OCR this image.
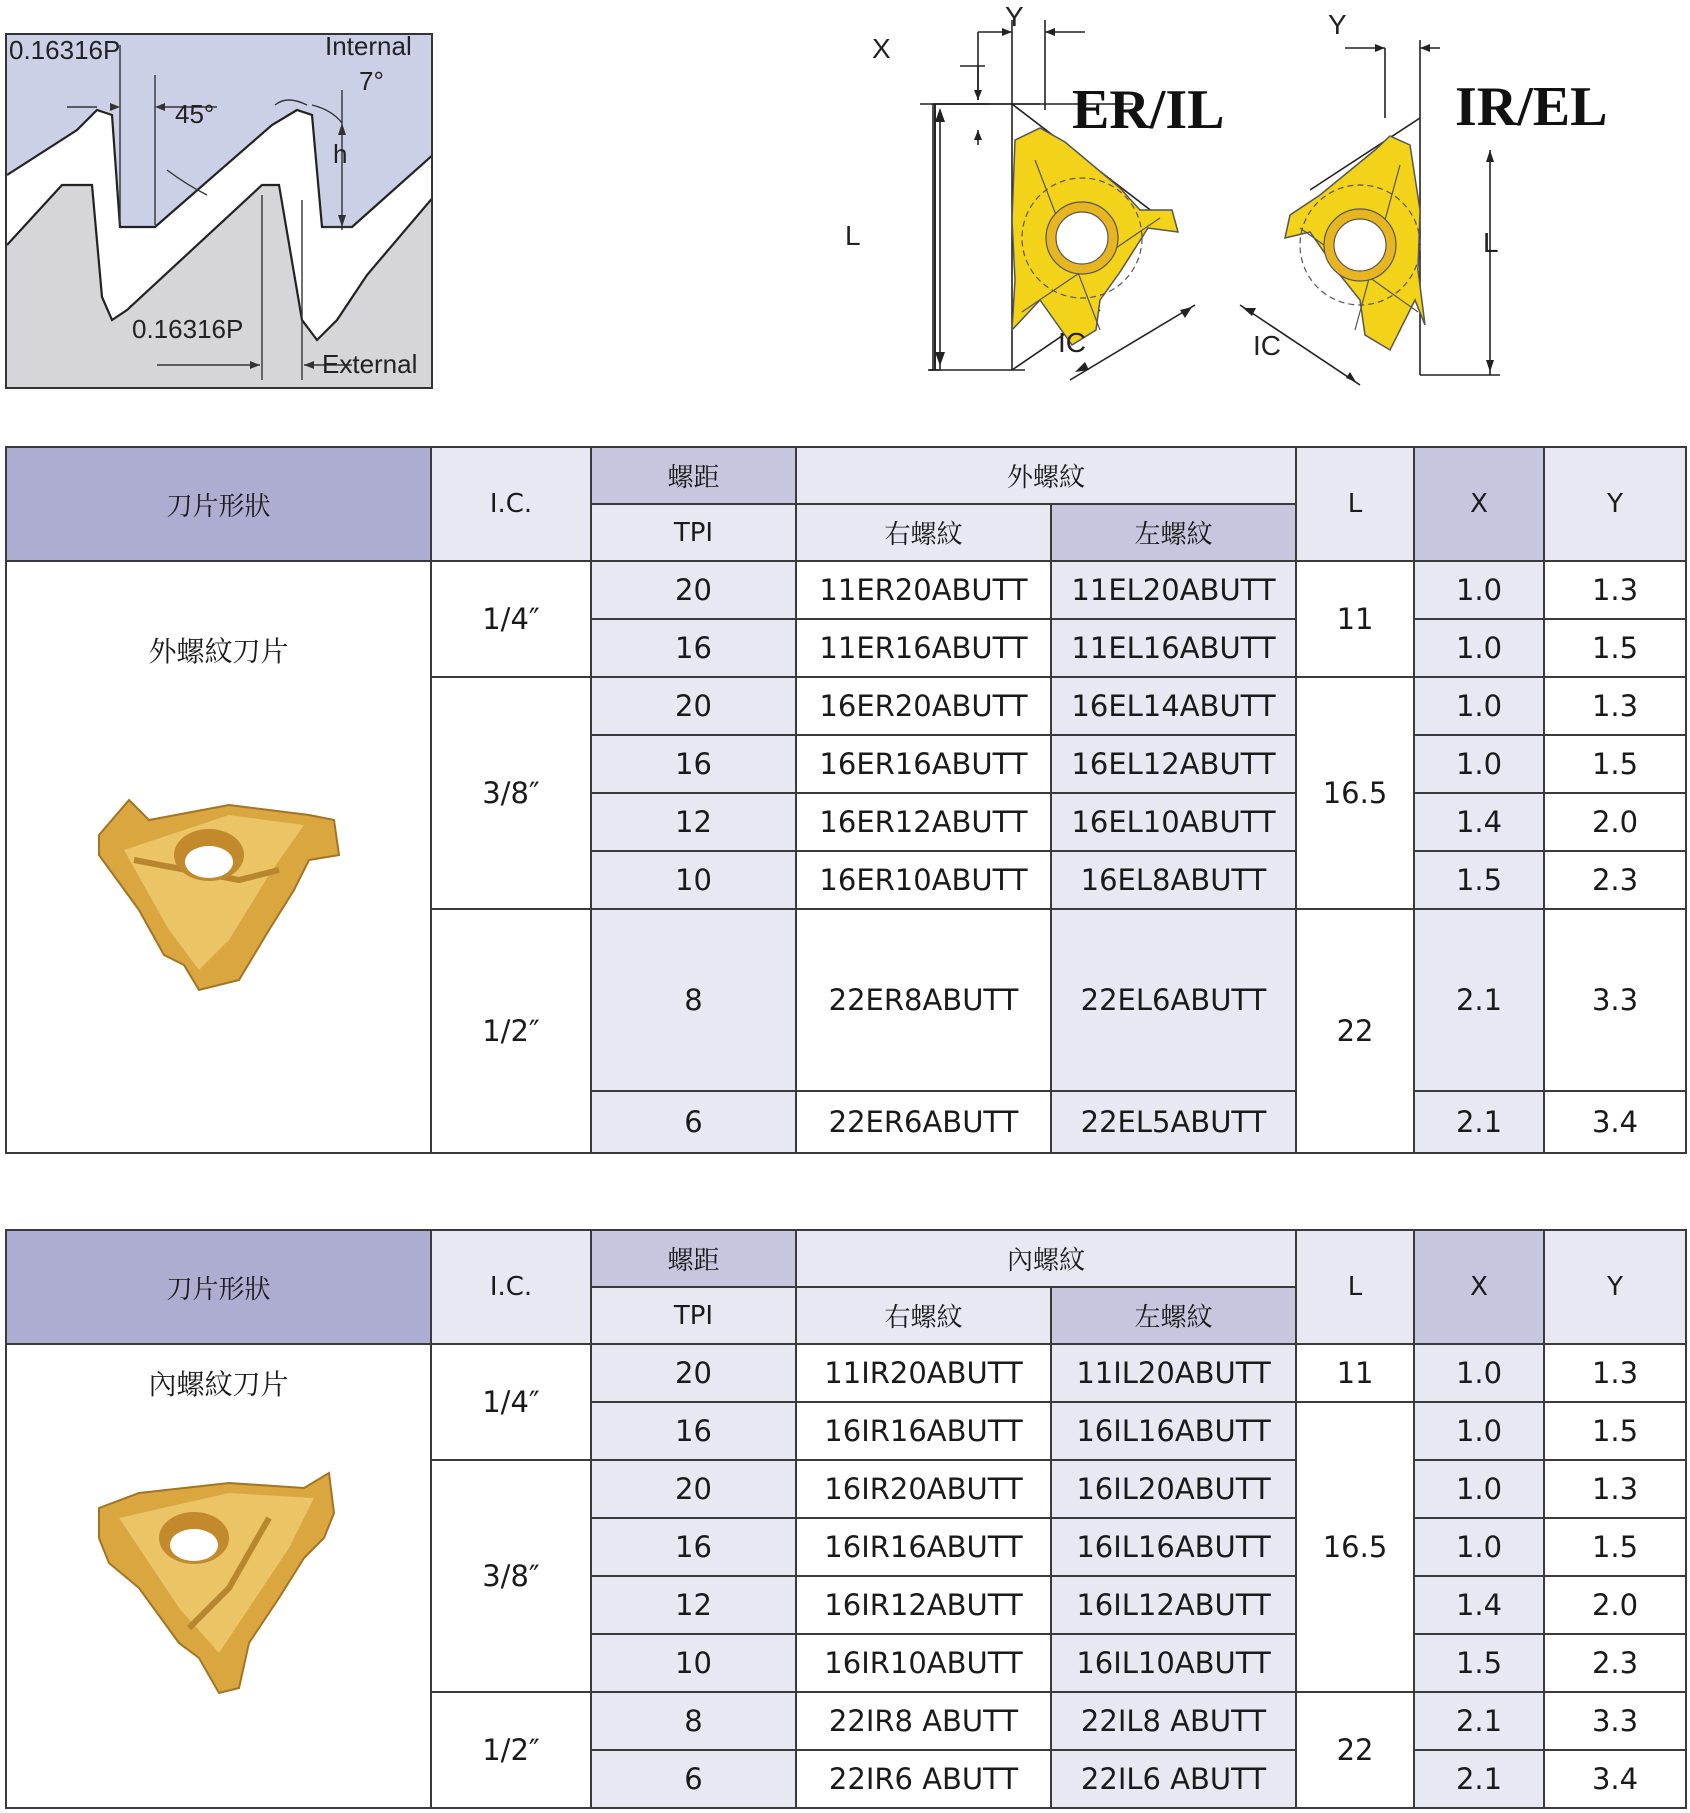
0.16316P	Internal
7°
45°
h
0.16316P
External
ER/IL	IR/EL
X
Y	Y
L	L
IC	IC
刀片形狀	I.C.	螺距	外螺紋		L	X	Y
		TPI	右螺紋	左螺紋			

外螺紋刀片	1/4″	20	11ER20ABUTT	11EL20ABUTT	11	1.0	1.3
		16	11ER16ABUTT	11EL16ABUTT		1.0	1.5
	3/8″	20	16ER20ABUTT	16EL14ABUTT	16.5	1.0	1.3
		16	16ER16ABUTT	16EL12ABUTT		1.0	1.5
		12	16ER12ABUTT	16EL10ABUTT		1.4	2.0
		10	16ER10ABUTT	16EL8ABUTT		1.5	2.3
	1/2″	8	22ER8ABUTT	22EL6ABUTT	22	2.1	3.3
		6	22ER6ABUTT	22EL5ABUTT		2.1	3.4
刀片形狀	I.C.	螺距	內螺紋		L	X	Y
		TPI	右螺紋	左螺紋			

內螺紋刀片	1/4″	20	11IR20ABUTT	11IL20ABUTT	11	1.0	1.3
		16	16IR16ABUTT	16IL16ABUTT	16.5	1.0	1.5
	3/8″	20	16IR20ABUTT	16IL20ABUTT		1.0	1.3
		16	16IR16ABUTT	16IL16ABUTT		1.0	1.5
		12	16IR12ABUTT	16IL12ABUTT		1.4	2.0
		10	16IR10ABUTT	16IL10ABUTT		1.5	2.3
	1/2″	8	22IR8 ABUTT	22IL8 ABUTT	22	2.1	3.3
		6	22IR6 ABUTT	22IL6 ABUTT		2.1	3.4
